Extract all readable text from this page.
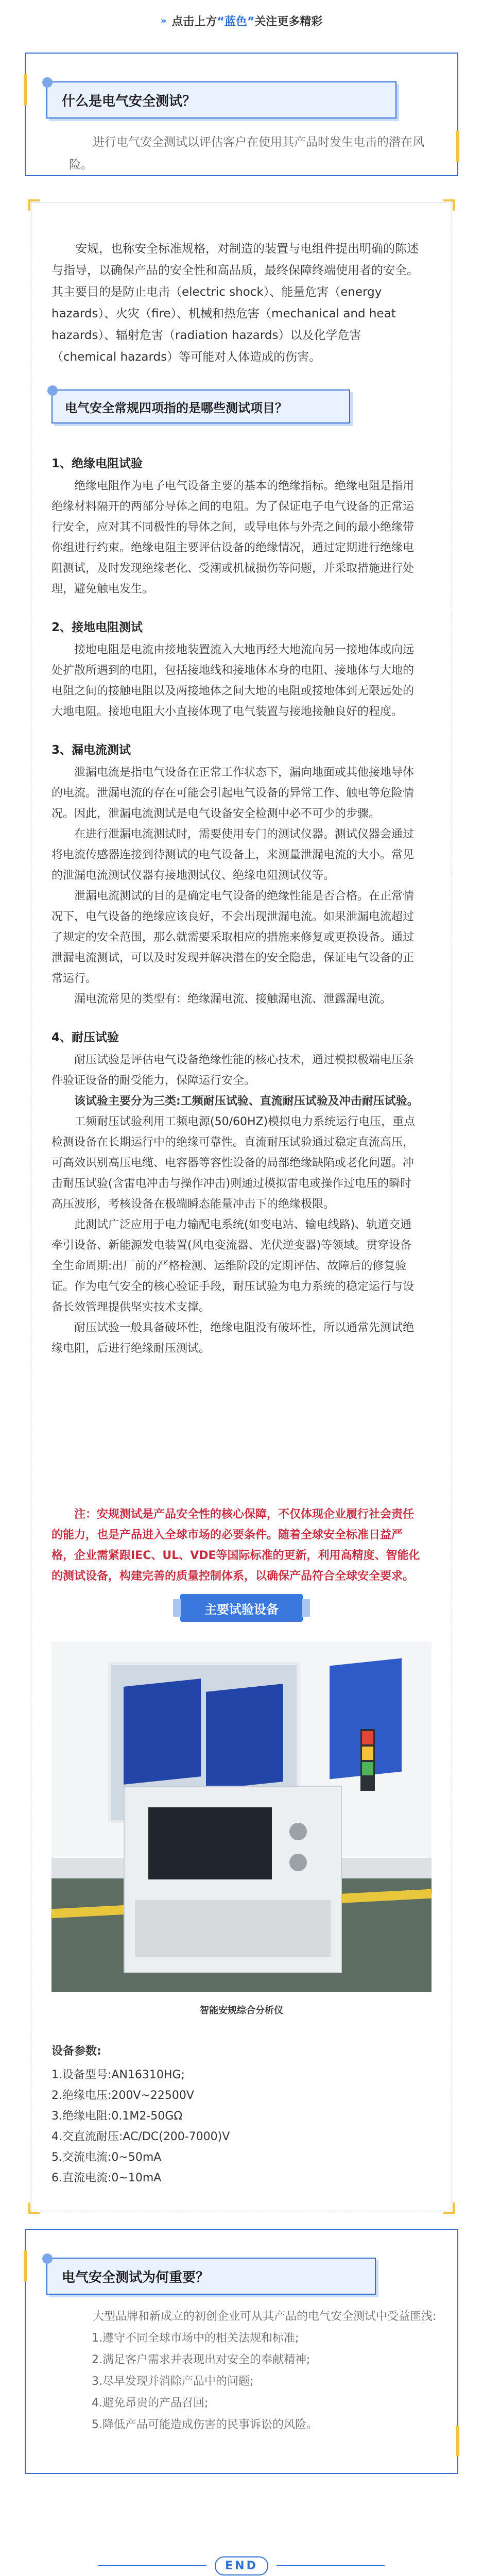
» 点击上方 “蓝色” 关注更多精彩
什么是电气安全测试？
进行电气安全测试以评估客户在使用其产品时发生电击的潜在风险。
安规，也称安全标准规格，对制造的装置与电组件提出明确的陈述与指导，以确保产品的安全性和高品质，最终保障终端使用者的安全。其主要目的是防止电击（electric shock）、能量危害（energy hazards）、火灾（fire）、机械和热危害（mechanical and heat hazards）、辐射危害（radiation hazards）以及化学危害（chemical hazards）等可能对人体造成的伤害。
电气安全常规四项指的是哪些测试项目？
1、绝缘电阻试验

绝缘电阻作为电子电气设备主要的基本的绝缘指标。绝缘电阻是指用绝缘材料隔开的两部分导体之间的电阻。为了保证电子电气设备的正常运行安全，应对其不同极性的导体之间，或导电体与外壳之间的最小绝缘带你组进行约束。绝缘电阻主要评估设备的绝缘情况，通过定期进行绝缘电阻测试，及时发现绝缘老化、受潮或机械损伤等问题，并采取措施进行处理，避免触电发生。

2、接地电阻测试

接地电阻是电流由接地装置流入大地再经大地流向另一接地体或向远处扩散所遇到的电阻，包括接地线和接地体本身的电阻、接地体与大地的电阻之间的接触电阻以及两接地体之间大地的电阻或接地体到无限远处的大地电阻。接地电阻大小直接体现了电气装置与接地接触良好的程度。

3、漏电流测试

泄漏电流是指电气设备在正常工作状态下，漏向地面或其他接地导体的电流。泄漏电流的存在可能会引起电气设备的异常工作、触电等危险情况。因此，泄漏电流测试是电气设备安全检测中必不可少的步骤。

在进行泄漏电流测试时，需要使用专门的测试仪器。测试仪器会通过将电流传感器连接到待测试的电气设备上，来测量泄漏电流的大小。常见的泄漏电流测试仪器有接地测试仪、绝缘电阻测试仪等。

泄漏电流测试的目的是确定电气设备的绝缘性能是否合格。在正常情况下，电气设备的绝缘应该良好，不会出现泄漏电流。如果泄漏电流超过了规定的安全范围，那么就需要采取相应的措施来修复或更换设备。通过泄漏电流测试，可以及时发现并解决潜在的安全隐患，保证电气设备的正常运行。

漏电流常见的类型有：绝缘漏电流、接触漏电流、泄露漏电流。

4、耐压试验

耐压试验是评估电气设备绝缘性能的核心技术，通过模拟极端电压条件验证设备的耐受能力，保障运行安全。

该试验主要分为三类:工频耐压试验、直流耐压试验及冲击耐压试验。

工频耐压试验利用工频电源(50/60HZ)模拟电力系统运行电压，重点检测设备在长期运行中的绝缘可靠性。直流耐压试验通过稳定直流高压，可高效识别高压电缆、电容器等容性设备的局部绝缘缺陷或老化问题。冲击耐压试验(含雷电冲击与操作冲击)则通过模拟雷电或操作过电压的瞬时高压波形，考核设备在极端瞬态能量冲击下的绝缘极限。

此测试广泛应用于电力输配电系统(如变电站、输电线路)、轨道交通牵引设备、新能源发电装置(风电变流器、光伏逆变器)等领域。贯穿设备全生命周期:出厂前的严格检测、运维阶段的定期评估、故障后的修复验证。作为电气安全的核心验证手段，耐压试验为电力系统的稳定运行与设备长效管理提供坚实技术支撑。

耐压试验一般具备破坏性，绝缘电阻没有破坏性，所以通常先测试绝缘电阻，后进行绝缘耐压测试。

注：安规测试是产品安全性的核心保障，不仅体现企业履行社会责任的能力，也是产品进入全球市场的必要条件。随着全球安全标准日益严格，企业需紧跟IEC、UL、VDE等国际标准的更新，利用高精度、智能化的测试设备，构建完善的质量控制体系，以确保产品符合全球安全要求。
主要试验设备
智能安规综合分析仪
设备参数:
1.设备型号:AN16310HG;
2.绝缘电压:200V~22500V
3.绝缘电阻:0.1M2-50GΩ
4.交直流耐压:AC/DC(200-7000)V
5.交流电流:0~50mA
6.直流电流:0~10mA
电气安全测试为何重要？
大型品牌和新成立的初创企业可从其产品的电气安全测试中受益匪浅:
1.遵守不同全球市场中的相关法规和标准;
2.满足客户需求并表现出对安全的奉献精神;
3.尽早发现并消除产品中的问题;
4.避免昂贵的产品召回;
5.降低产品可能造成伤害的民事诉讼的风险。
END
